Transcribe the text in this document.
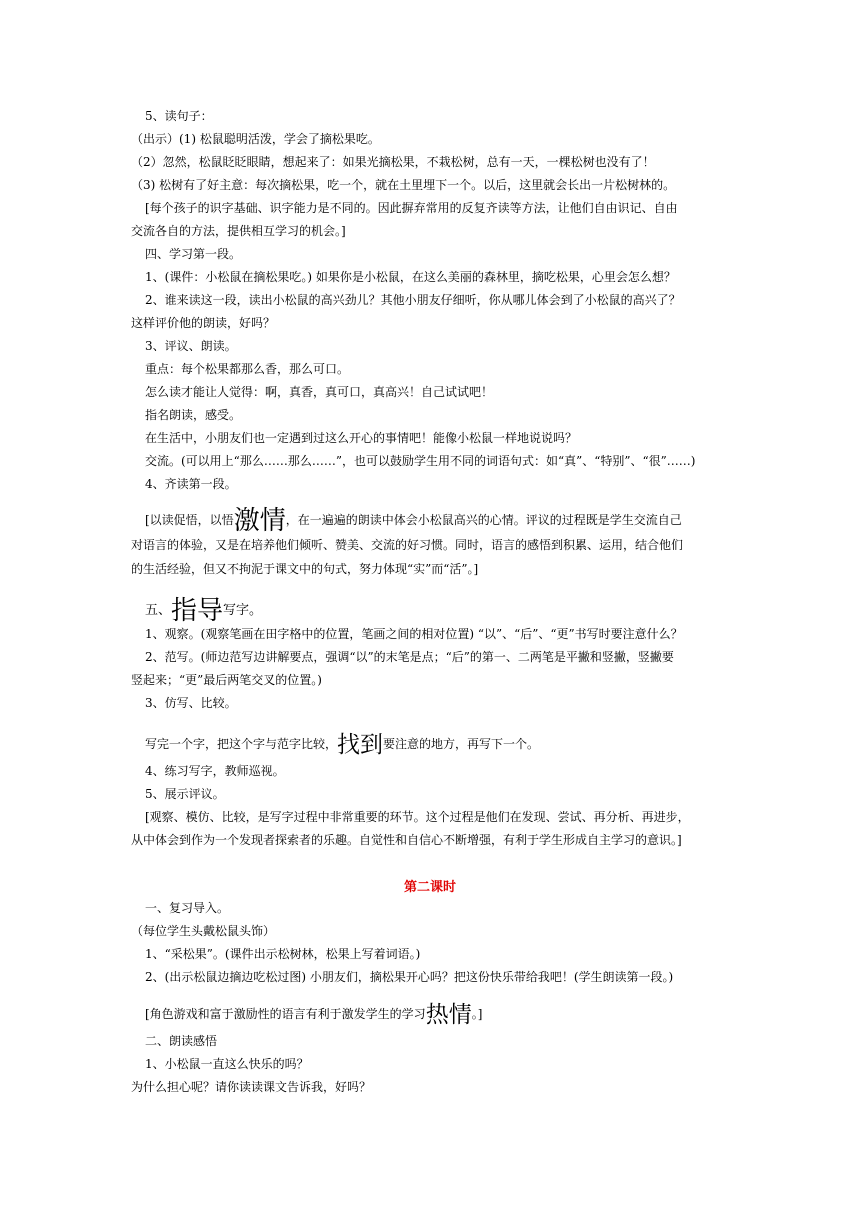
5、读句子：
（出示）(1) 松鼠聪明活泼，学会了摘松果吃。
（2）忽然，松鼠眨眨眼睛，想起来了：如果光摘松果，不栽松树，总有一天，一棵松树也没有了！
（3) 松树有了好主意：每次摘松果，吃一个，就在土里埋下一个。以后，这里就会长出一片松树林的。
[每个孩子的识字基础、识字能力是不同的。因此摒弃常用的反复齐读等方法，让他们自由识记、自由
交流各自的方法，提供相互学习的机会。]
四、学习第一段。
1、(课件：小松鼠在摘松果吃。) 如果你是小松鼠，在这么美丽的森林里，摘吃松果，心里会怎么想？
2、谁来读这一段，读出小松鼠的高兴劲儿？其他小朋友仔细听，你从哪儿体会到了小松鼠的高兴了？
这样评价他的朗读，好吗？
3、评议、朗读。
重点：每个松果都那么香，那么可口。
怎么读才能让人觉得：啊，真香，真可口，真高兴！自己试试吧！
指名朗读，感受。
在生活中，小朋友们也一定遇到过这么开心的事情吧！能像小松鼠一样地说说吗？
交流。(可以用上“那么……那么……”，也可以鼓励学生用不同的词语句式：如“真”、“特别”、“很”……)
4、齐读第一段。
[以读促悟，以悟激情，在一遍遍的朗读中体会小松鼠高兴的心情。评议的过程既是学生交流自己
对语言的体验，又是在培养他们倾听、赞美、交流的好习惯。同时，语言的感悟到积累、运用，结合他们
的生活经验，但又不拘泥于课文中的句式，努力体现“实”而“活”。]
五、指导写字。
1、观察。(观察笔画在田字格中的位置，笔画之间的相对位置) “以”、“后”、“更”书写时要注意什么？
2、范写。(师边范写边讲解要点，强调“以”的末笔是点；“后”的第一、二两笔是平撇和竖撇，竖撇要
竖起来；“更”最后两笔交叉的位置。)
3、仿写、比较。
写完一个字，把这个字与范字比较，找到要注意的地方，再写下一个。
4、练习写字，教师巡视。
5、展示评议。
[观察、模仿、比较，是写字过程中非常重要的环节。这个过程是他们在发现、尝试、再分析、再进步，
从中体会到作为一个发现者探索者的乐趣。自觉性和自信心不断增强，有利于学生形成自主学习的意识。]
第二课时
一、复习导入。
（每位学生头戴松鼠头饰）
1、“采松果”。(课件出示松树林，松果上写着词语。)
2、(出示松鼠边摘边吃松过图) 小朋友们，摘松果开心吗？把这份快乐带给我吧！(学生朗读第一段。)
[角色游戏和富于激励性的语言有利于激发学生的学习热情。]
二、朗读感悟
1、小松鼠一直这么快乐的吗？
为什么担心呢？请你读读课文告诉我，好吗？
